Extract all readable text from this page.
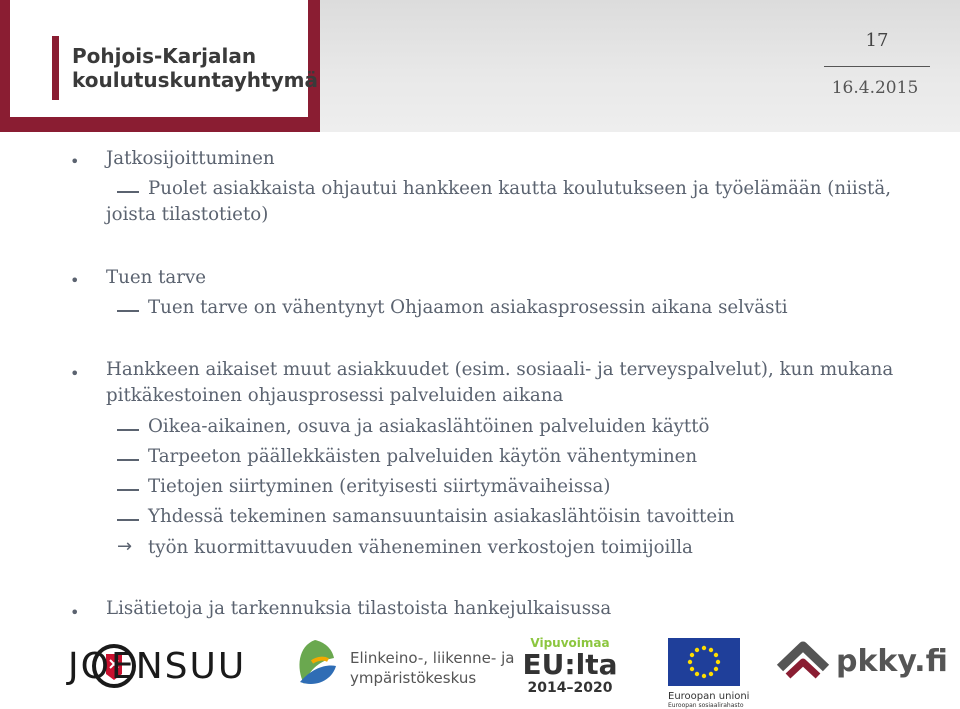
Pohjois-Karjalan
koulutuskuntayhtymä
17
16.4.2015
• Jatkosijoittuminen
Puolet asiakkaista ohjautui hankkeen kautta koulutukseen ja työelämään (niistä,
joista tilastotieto)
• Tuen tarve
Tuen tarve on vähentynyt Ohjaamon asiakasprosessin aikana selvästi
• Hankkeen aikaiset muut asiakkuudet (esim. sosiaali- ja terveyspalvelut), kun mukana
pitkäkestoinen ohjausprosessi palveluiden aikana
Oikea-aikainen, osuva ja asiakaslähtöinen palveluiden käyttö
Tarpeeton päällekkäisten palveluiden käytön vähentyminen
Tietojen siirtyminen (erityisesti siirtymävaiheissa)
Yhdessä tekeminen samansuuntaisin asiakaslähtöisin tavoittein
→ työn kuormittavuuden väheneminen verkostojen toimijoilla
• Lisätietoja ja tarkennuksia tilastoista hankejulkaisussa
JOENSUU	Elinkeino-, liikenne- ja
ympäristökeskus
Vipuvoimaa
EU:lta
2014–2020
Euroopan unioni
Euroopan sosiaalirahasto
pkky.fi
